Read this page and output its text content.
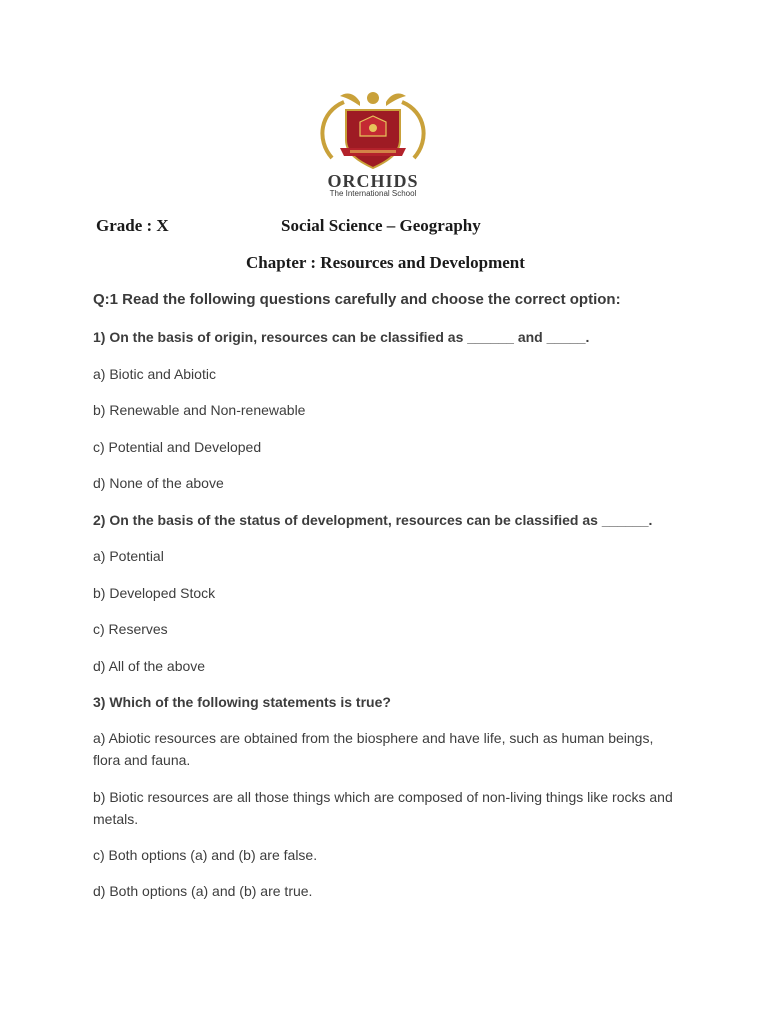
ORCHIDS
The International School
Grade : X	Social Science – Geography
Chapter : Resources and Development
Q:1 Read the following questions carefully and choose the correct option:

1) On the basis of origin, resources can be classified as ______ and _____.

a) Biotic and Abiotic

b) Renewable and Non-renewable

c) Potential and Developed

d) None of the above

2) On the basis of the status of development, resources can be classified as ______.

a) Potential

b) Developed Stock

c) Reserves

d) All of the above

3) Which of the following statements is true?

a) Abiotic resources are obtained from the biosphere and have life, such as human beings, flora and fauna.

b) Biotic resources are all those things which are composed of non-living things like rocks and metals.

c) Both options (a) and (b) are false.

d) Both options (a) and (b) are true.
